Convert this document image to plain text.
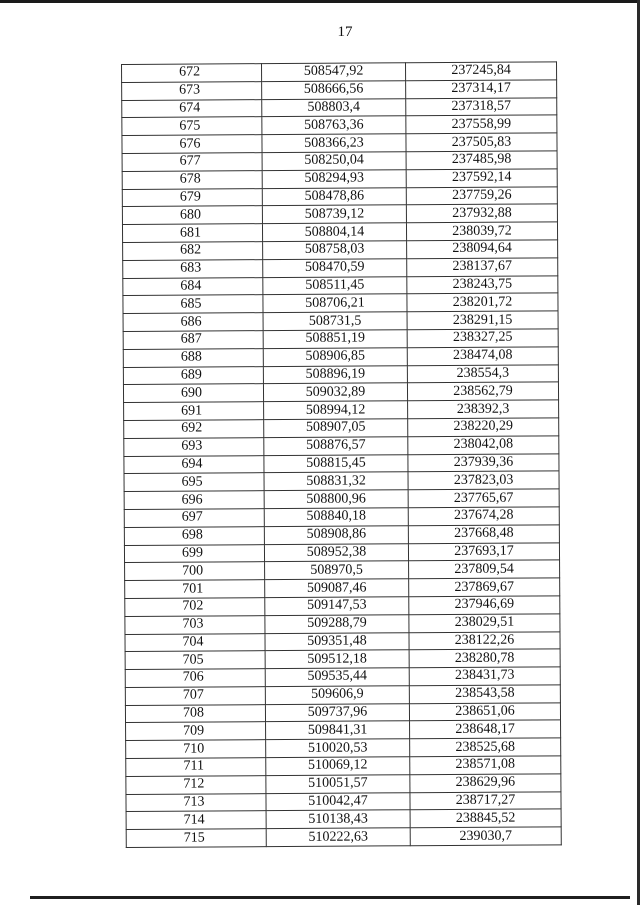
17
672	508547,92	237245,84
673	508666,56	237314,17
674	508803,4	237318,57
675	508763,36	237558,99
676	508366,23	237505,83
677	508250,04	237485,98
678	508294,93	237592,14
679	508478,86	237759,26
680	508739,12	237932,88
681	508804,14	238039,72
682	508758,03	238094,64
683	508470,59	238137,67
684	508511,45	238243,75
685	508706,21	238201,72
686	508731,5	238291,15
687	508851,19	238327,25
688	508906,85	238474,08
689	508896,19	238554,3
690	509032,89	238562,79
691	508994,12	238392,3
692	508907,05	238220,29
693	508876,57	238042,08
694	508815,45	237939,36
695	508831,32	237823,03
696	508800,96	237765,67
697	508840,18	237674,28
698	508908,86	237668,48
699	508952,38	237693,17
700	508970,5	237809,54
701	509087,46	237869,67
702	509147,53	237946,69
703	509288,79	238029,51
704	509351,48	238122,26
705	509512,18	238280,78
706	509535,44	238431,73
707	509606,9	238543,58
708	509737,96	238651,06
709	509841,31	238648,17
710	510020,53	238525,68
711	510069,12	238571,08
712	510051,57	238629,96
713	510042,47	238717,27
714	510138,43	238845,52
715	510222,63	239030,7
